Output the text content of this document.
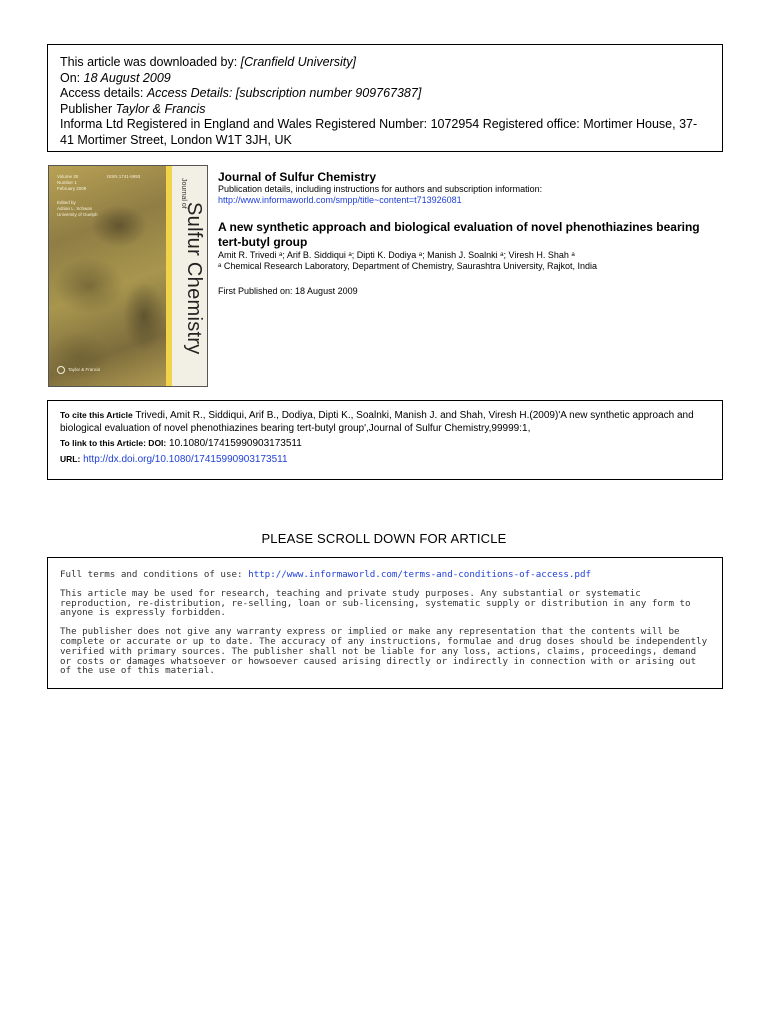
This article was downloaded by: [Cranfield University]
On: 18 August 2009
Access details: Access Details: [subscription number 909767387]
Publisher Taylor & Francis
Informa Ltd Registered in England and Wales Registered Number: 1072954 Registered office: Mortimer House, 37-41 Mortimer Street, London W1T 3JH, UK
Volume 30
Number 1
February 2009
ISSN 1741-5993
Edited by
Adrian L. Schwan
University of Guelph
Taylor & Francis
Journal of
Sulfur Chemistry
Journal of Sulfur Chemistry
Publication details, including instructions for authors and subscription information:
http://www.informaworld.com/smpp/title~content=t713926081
A new synthetic approach and biological evaluation of novel phenothiazines bearing tert-butyl group
Amit R. Trivedi ᵃ; Arif B. Siddiqui ᵃ; Dipti K. Dodiya ᵃ; Manish J. Soalnki ᵃ; Viresh H. Shah ᵃ
ᵃ Chemical Research Laboratory, Department of Chemistry, Saurashtra University, Rajkot, India
First Published on: 18 August 2009
To cite this Article Trivedi, Amit R., Siddiqui, Arif B., Dodiya, Dipti K., Soalnki, Manish J. and Shah, Viresh H.(2009)'A new synthetic approach and biological evaluation of novel phenothiazines bearing tert-butyl group',Journal of Sulfur Chemistry,99999:1,
To link to this Article: DOI: 10.1080/17415990903173511
URL: http://dx.doi.org/10.1080/17415990903173511
PLEASE SCROLL DOWN FOR ARTICLE

Full terms and conditions of use: http://www.informaworld.com/terms-and-conditions-of-access.pdf

This article may be used for research, teaching and private study purposes. Any substantial or systematic reproduction, re-distribution, re-selling, loan or sub-licensing, systematic supply or distribution in any form to anyone is expressly forbidden.

The publisher does not give any warranty express or implied or make any representation that the contents will be complete or accurate or up to date. The accuracy of any instructions, formulae and drug doses should be independently verified with primary sources. The publisher shall not be liable for any loss, actions, claims, proceedings, demand or costs or damages whatsoever or howsoever caused arising directly or indirectly in connection with or arising out of the use of this material.
